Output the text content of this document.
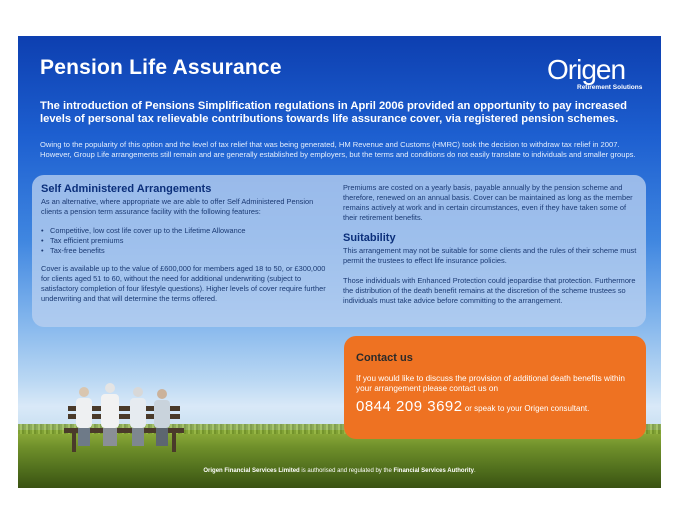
Pension Life Assurance	Origen
Retirement Solutions
The introduction of Pensions Simplification regulations in April 2006 provided an opportunity to pay increased levels of personal tax relievable contributions towards life assurance cover, via registered pension schemes.
Owing to the popularity of this option and the level of tax relief that was being generated, HM Revenue and Customs (HMRC) took the decision to withdraw tax relief in 2007. However, Group Life arrangements still remain and are generally established by employers, but the terms and conditions do not easily translate to individuals and smaller groups.
Self Administered Arrangements

As an alternative, where appropriate we are able to offer Self Administered Pension clients a pension term assurance facility with the following features:

• Competitive, low cost life cover up to the Lifetime Allowance
• Tax efficient premiums
• Tax-free benefits

Cover is available up to the value of £600,000 for members aged 18 to 50, or £300,000 for clients aged 51 to 60, without the need for additional underwriting (subject to satisfactory completion of four lifestyle questions). Higher levels of cover require further underwriting and that will determine the terms offered.

Premiums are costed on a yearly basis, payable annually by the pension scheme and therefore, renewed on an annual basis. Cover can be maintained as long as the member remains actively at work and in certain circumstances, even if they have taken some of their retirement benefits.

Suitability

This arrangement may not be suitable for some clients and the rules of their scheme must permit the trustees to effect life insurance policies.

Those individuals with Enhanced Protection could jeopardise that protection. Furthermore the distribution of the death benefit remains at the discretion of the scheme trustees so individuals must take advice before committing to the arrangement.

Contact us
If you would like to discuss the provision of additional death benefits within your arrangement please contact us on
0844 209 3692 or speak to your Origen consultant.
Origen Financial Services Limited is authorised and regulated by the Financial Services Authority.
